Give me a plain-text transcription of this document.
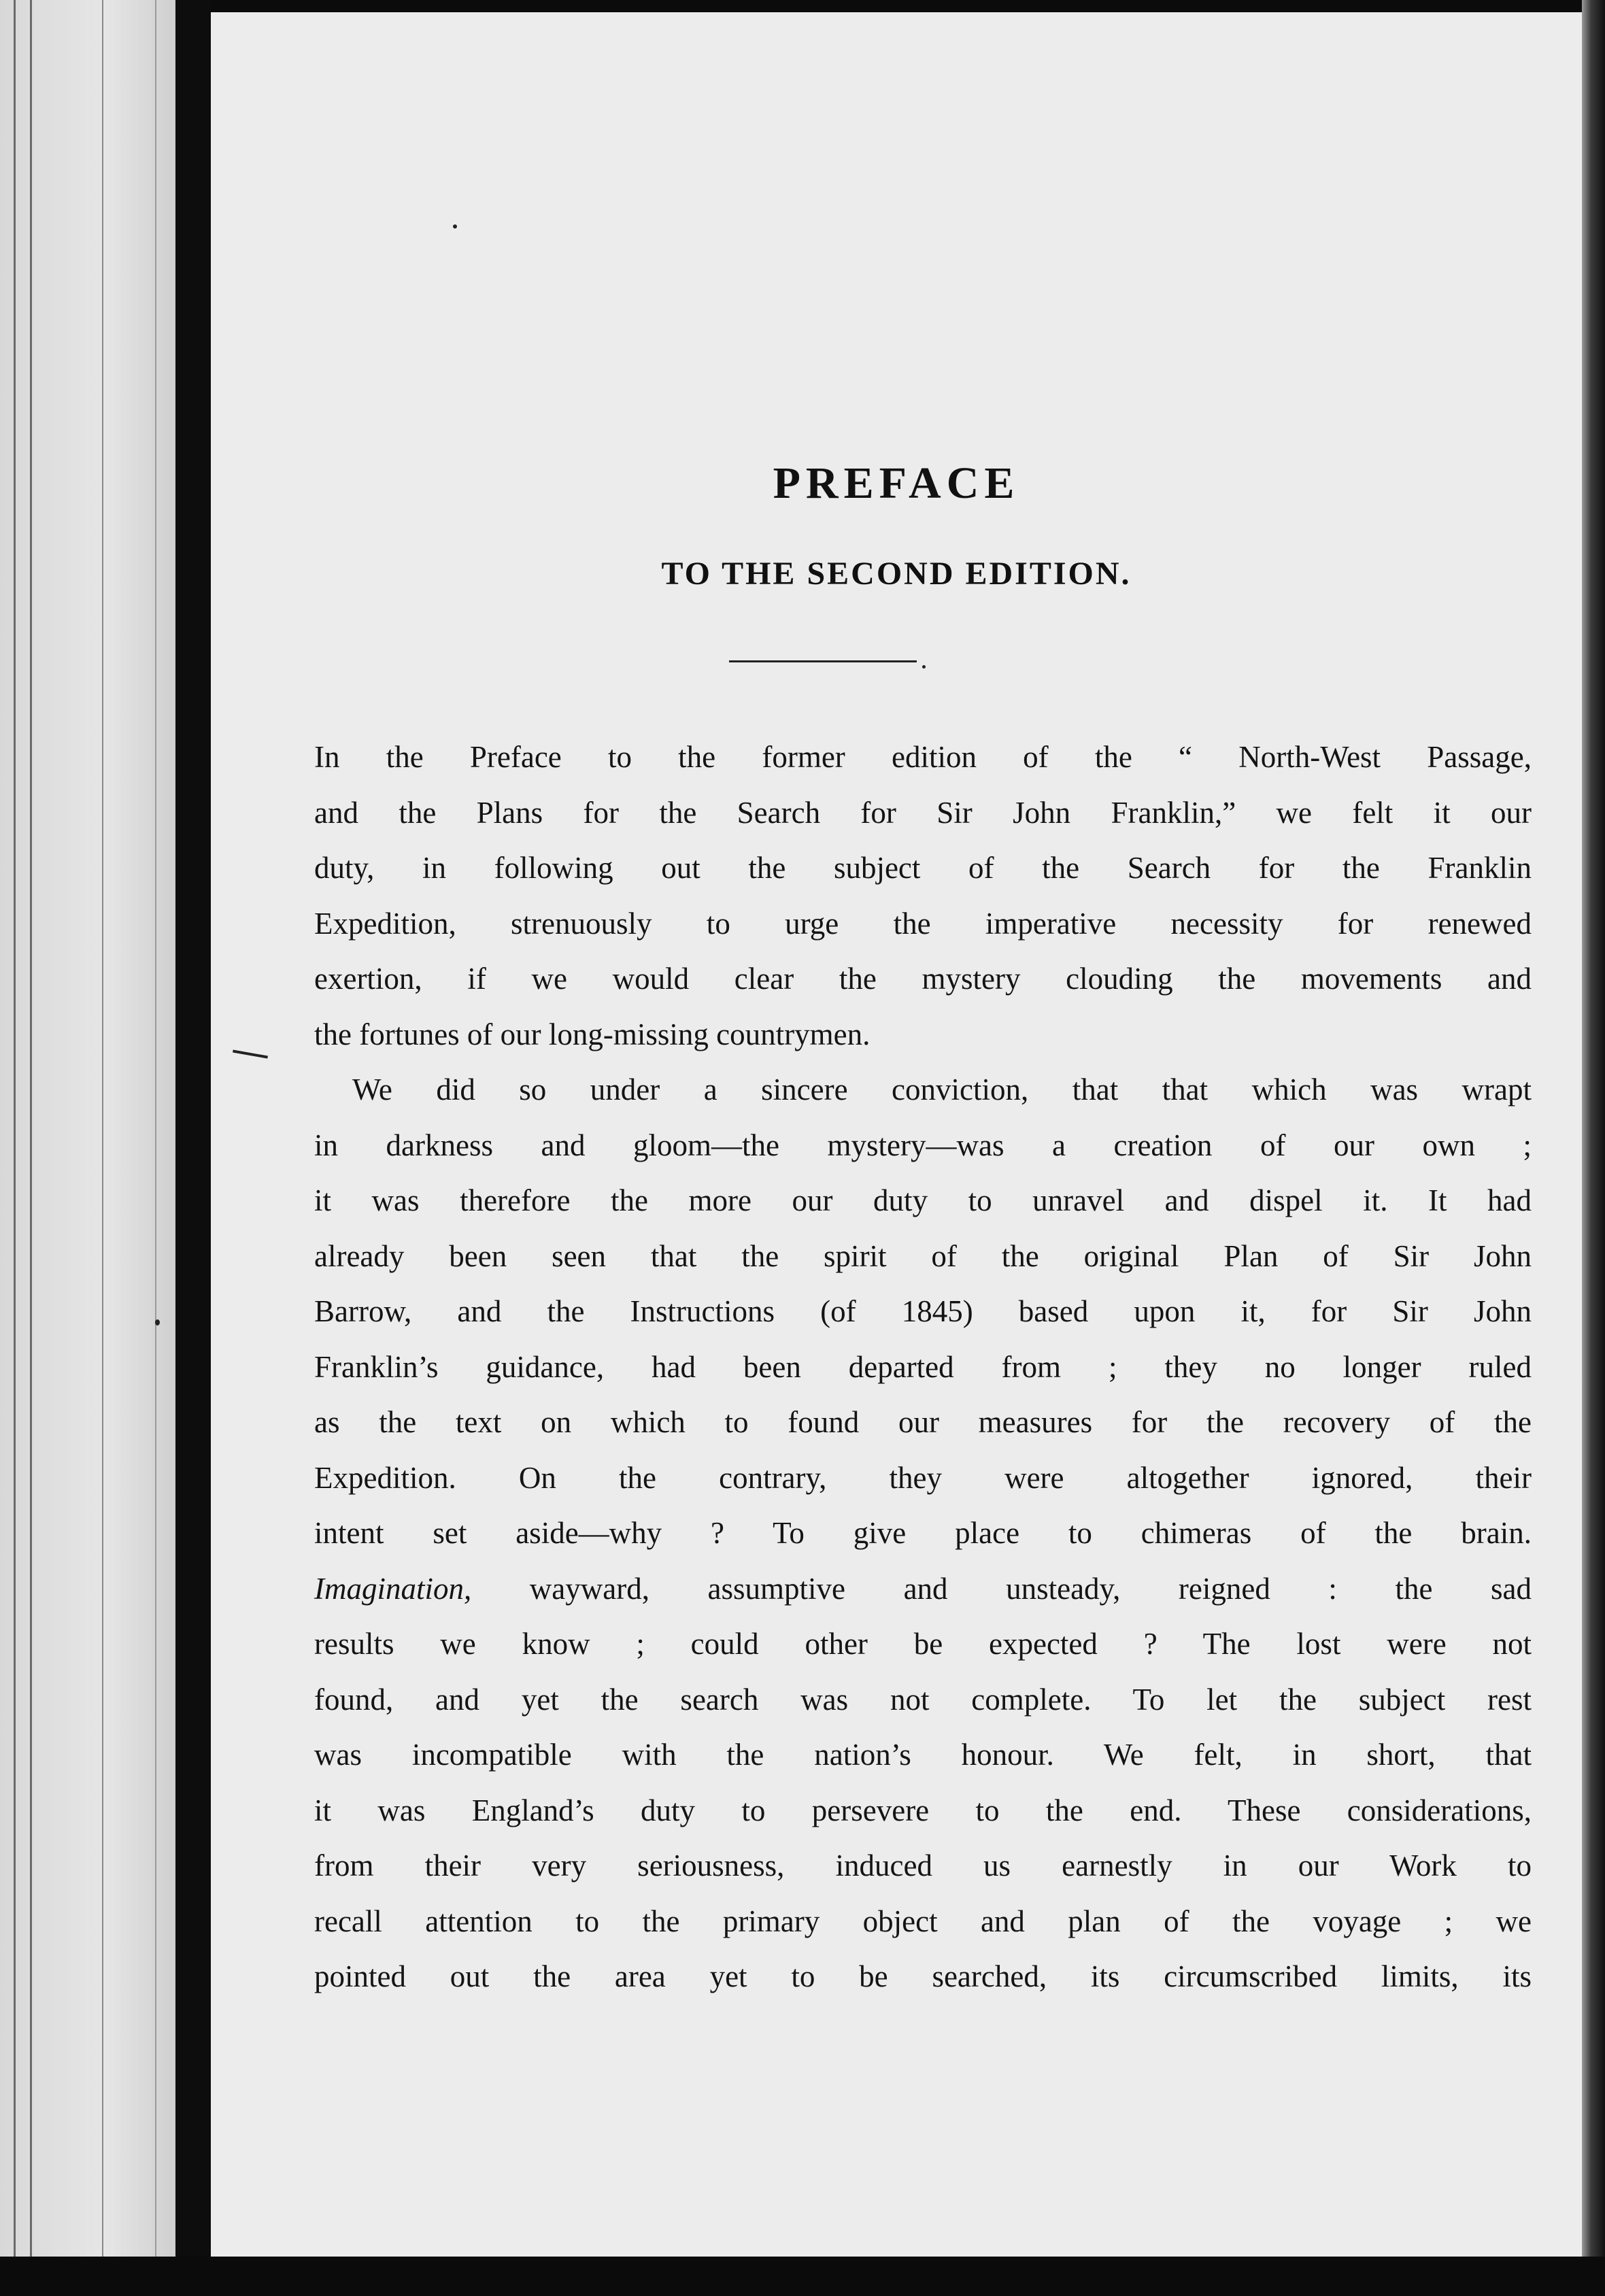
PREFACE
TO THE SECOND EDITION.
In the Preface to the former edition of the “ North-West Passage,
and the Plans for the Search for Sir John Franklin,” we felt it our
duty, in following out the subject of the Search for the Franklin
Expedition, strenuously to urge the imperative necessity for renewed
exertion, if we would clear the mystery clouding the movements and
the fortunes of our long-missing countrymen.
We did so under a sincere conviction, that that which was wrapt
in darkness and gloom—the mystery—was a creation of our own ;
it was therefore the more our duty to unravel and dispel it. It had
already been seen that the spirit of the original Plan of Sir John
Barrow, and the Instructions (of 1845) based upon it, for Sir John
Franklin’s guidance, had been departed from ; they no longer ruled
as the text on which to found our measures for the recovery of the
Expedition. On the contrary, they were altogether ignored, their
intent set aside—why ? To give place to chimeras of the brain.
Imagination, wayward, assumptive and unsteady, reigned : the sad
results we know ; could other be expected ? The lost were not
found, and yet the search was not complete. To let the subject rest
was incompatible with the nation’s honour. We felt, in short, that
it was England’s duty to persevere to the end. These considerations,
from their very seriousness, induced us earnestly in our Work to
recall attention to the primary object and plan of the voyage ; we
pointed out the area yet to be searched, its circumscribed limits, its
